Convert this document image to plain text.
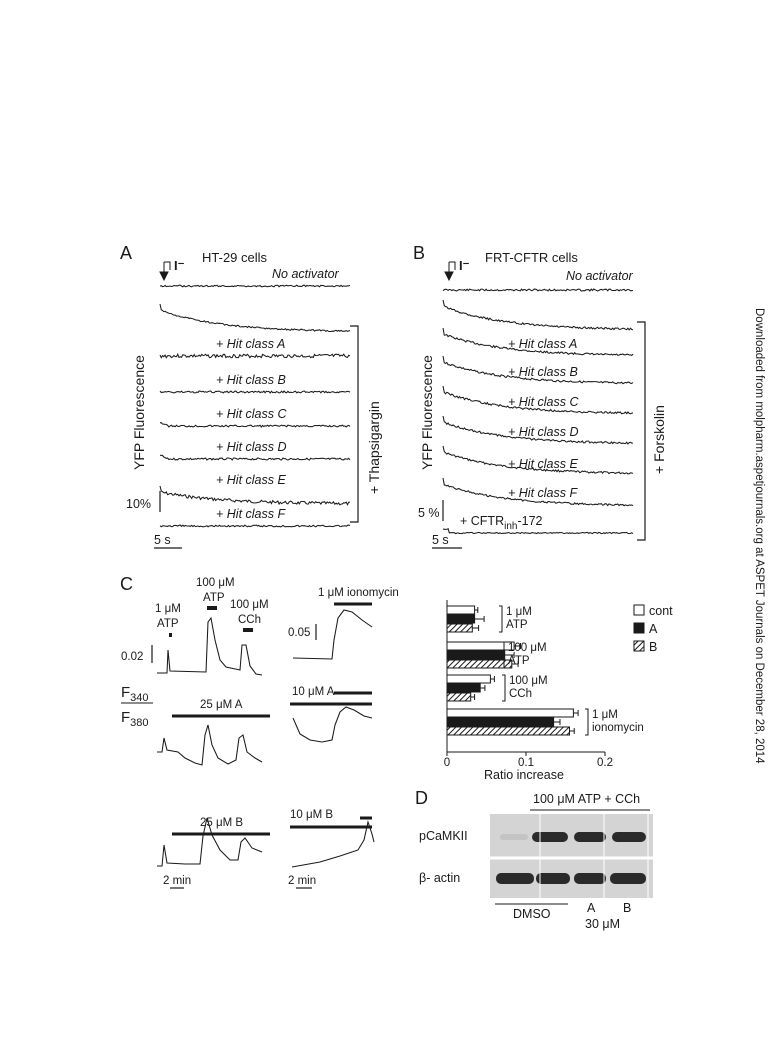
Downloaded from molpharm.aspetjournals.org at ASPET Journals on December 28, 2014
A	HT-29 cells
I⁻
No activator
+ Hit class A
+ Hit class B
+ Hit class C
+ Hit class D
+ Hit class E
+ Hit class F
YFP Fluorescence	+ Thapsigargin
10%
5 s
B	FRT-CFTR cells
I⁻
No activator
+ Hit class A
+ Hit class B
+ Hit class C
+ Hit class D
+ Hit class E
+ Hit class F
+ $CFTR_{inh}-172$
YFP Fluorescence	+ Forskolin
5 %
5 s
C
1 μM
ATP
100 μM
ATP
100 μM
CCh
0.02
$F_{340}$
$F_{380}$
25 μM A
25 μM B
2 min
1 μM ionomycin
0.05
10 μM A
10 μM B
2 min
Ratio increase
0	0.1	0.2
1 μM
ATP
100 μM
ATP
100 μM
CCh
1 μM
ionomycin
cont
A
B
D	100 μM ATP + CCh
pCaMKII
β- actin
DMSO	A B
30 μM
